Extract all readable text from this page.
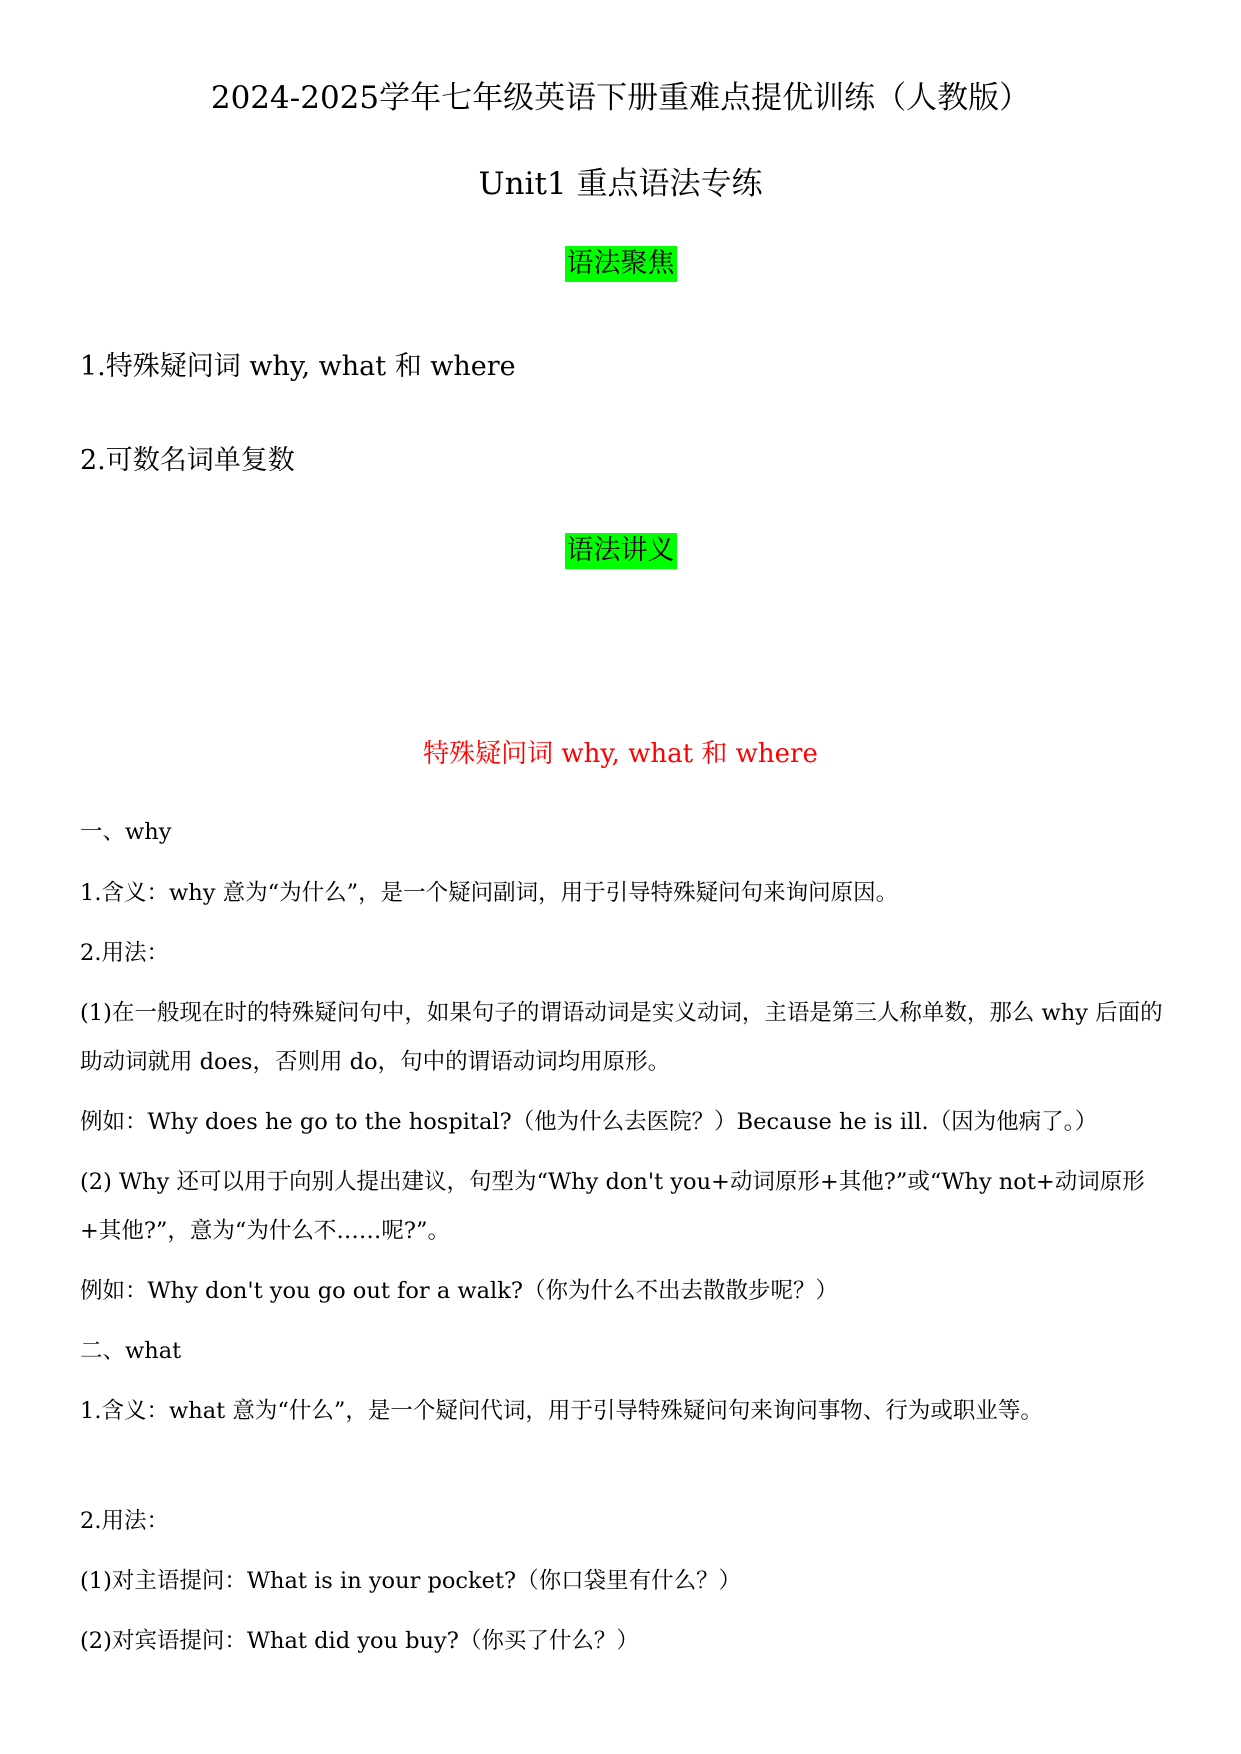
2024-2025学年七年级英语下册重难点提优训练（人教版）
Unit1 重点语法专练
语法聚焦
1.特殊疑问词 why, what 和 where
2.可数名词单复数
语法讲义
特殊疑问词 why, what 和 where
一、why
1.含义：why 意为“为什么”，是一个疑问副词，用于引导特殊疑问句来询问原因。
2.用法：
(1)在一般现在时的特殊疑问句中，如果句子的谓语动词是实义动词，主语是第三人称单数，那么 why 后面的助动词就用 does，否则用 do，句中的谓语动词均用原形。
例如：Why does he go to the hospital?（他为什么去医院？）Because he is ill.（因为他病了。）
(2) Why 还可以用于向别人提出建议，句型为“Why don't you+动词原形+其他?”或“Why not+动词原形+其他?”，意为“为什么不……呢?”。
例如：Why don't you go out for a walk?（你为什么不出去散散步呢？）
二、what
1.含义：what 意为“什么”，是一个疑问代词，用于引导特殊疑问句来询问事物、行为或职业等。
2.用法：
(1)对主语提问：What is in your pocket?（你口袋里有什么？）
(2)对宾语提问：What did you buy?（你买了什么？）
